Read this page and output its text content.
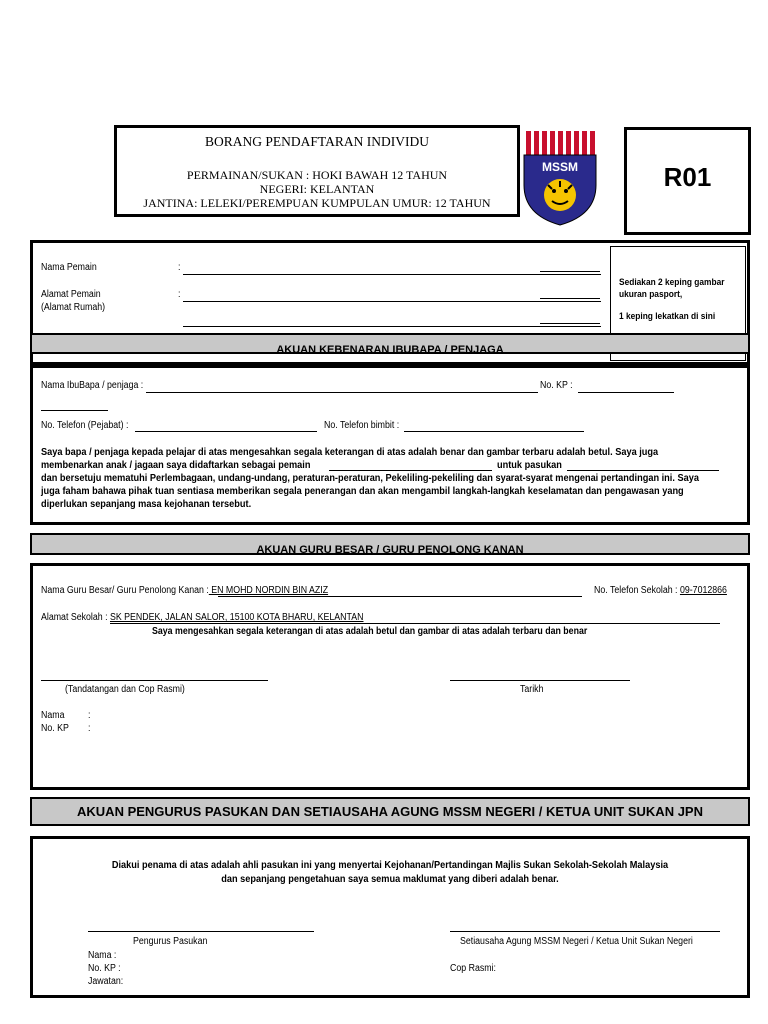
BORANG PENDAFTARAN INDIVIDU
PERMAINAN/SUKAN : HOKI BAWAH 12 TAHUN
NEGERI: KELANTAN
JANTINA: LELEKI/PEREMPUAN KUMPULAN UMUR: 12 TAHUN
MSSM	R01
Sediakan 2 keping gambar
ukuran pasport,
1 keping lekatkan di sini
Nama Pemain	:
Alamat Pemain
(Alamat Rumah)
:
AKUAN KEBENARAN IBUBAPA / PENJAGA
Nama IbuBapa / penjaga :	No. KP :
No. Telefon (Pejabat) :	No. Telefon bimbit :
Saya bapa / penjaga kepada pelajar di atas mengesahkan segala keterangan di atas adalah benar dan gambar terbaru adalah betul. Saya juga
membenarkan anak / jagaan saya didaftarkan sebagai pemain	untuk pasukan
dan bersetuju mematuhi Perlembagaan, undang-undang, peraturan-peraturan, Pekeliling-pekeliling dan syarat-syarat mengenai pertandingan ini. Saya
juga faham bahawa pihak tuan sentiasa memberikan segala penerangan dan akan mengambil langkah-langkah keselamatan dan pengawasan yang
diperlukan sepanjang masa kejohanan tersebut.
AKUAN GURU BESAR / GURU PENOLONG KANAN
Nama Guru Besar/ Guru Penolong Kanan : EN MOHD NORDIN BIN AZIZ	No. Telefon Sekolah : 09-7012866
Alamat Sekolah : SK PENDEK, JALAN SALOR, 15100 KOTA BHARU, KELANTAN
Saya mengesahkan segala keterangan di atas adalah betul dan gambar di atas adalah terbaru dan benar
(Tandatangan dan Cop Rasmi)	Tarikh
Nama :
No. KP :
AKUAN PENGURUS PASUKAN DAN SETIAUSAHA AGUNG MSSM NEGERI / KETUA UNIT SUKAN JPN
Diakui penama di atas adalah ahli pasukan ini yang menyertai Kejohanan/Pertandingan Majlis Sukan Sekolah-Sekolah Malaysia
dan sepanjang pengetahuan saya semua maklumat yang diberi adalah benar.
Pengurus Pasukan	Setiausaha Agung MSSM Negeri / Ketua Unit Sukan Negeri
Nama :
No. KP :
Jawatan:
Cop Rasmi:
